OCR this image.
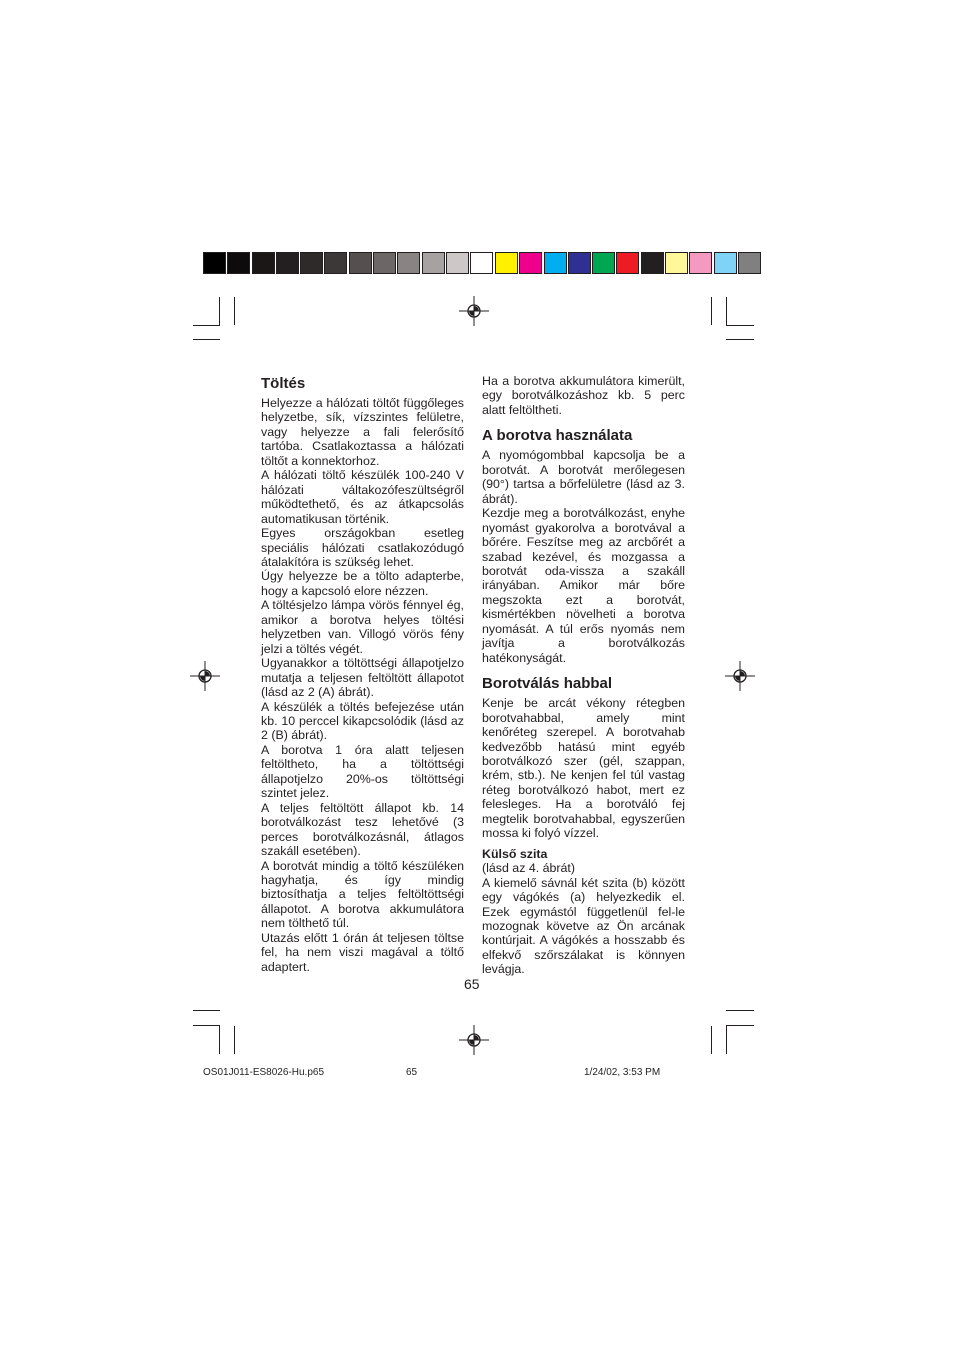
Töltés

Helyezze a hálózati töltőt függőleges helyzetbe, sík, vízszintes felületre, vagy helyezze a fali felerősítő tartóba. Csatlakoztassa a hálózati töltőt a konnektorhoz.

A hálózati töltő készülék 100-240 V hálózati váltakozófeszültségről működtethető, és az átkapcsolás automatikusan történik.

Egyes országokban esetleg speciális hálózati csatlakozódugó átalakítóra is szükség lehet.

Úgy helyezze be a tölto adapterbe, hogy a kapcsoló elore nézzen.

A töltésjelzo lámpa vörös fénnyel ég, amikor a borotva helyes töltési helyzetben van. Villogó vörös fény jelzi a töltés végét.

Ugyanakkor a töltöttségi állapotjelzo mutatja a teljesen feltöltött állapotot (lásd az 2 (A) ábrát).

A készülék a töltés befejezése után kb. 10 perccel kikapcsolódik (lásd az 2 (B) ábrát).

A borotva 1 óra alatt teljesen feltöltheto, ha a töltöttségi állapotjelzo 20%-os töltöttségi szintet jelez.

A teljes feltöltött állapot kb. 14 borotválkozást tesz lehetővé (3 perces borotválkozásnál, átlagos szakáll esetében).

A borotvát mindig a töltő készüléken hagyhatja, és így mindig biztosíthatja a teljes feltöltöttségi állapotot. A borotva akkumulátora nem tölthető túl.

Utazás előtt 1 órán át teljesen töltse fel, ha nem viszi magával a töltő adaptert.

Ha a borotva akkumulátora kimerült, egy borotválkozáshoz kb. 5 perc alatt feltöltheti.

A borotva használata

A nyomógombbal kapcsolja be a borotvát. A borotvát merőlegesen (90°) tartsa a bőrfelületre (lásd az 3. ábrát).

Kezdje meg a borotválkozást, enyhe nyomást gyakorolva a borotvával a bőrére. Feszítse meg az arcbőrét a szabad kezével, és mozgassa a borotvát oda-vissza a szakáll irányában. Amikor már bőre megszokta ezt a borotvát, kismértékben növelheti a borotva nyomását. A túl erős nyomás nem javítja a borotválkozás hatékonyságát.

Borotválás habbal

Kenje be arcát vékony rétegben borotvahabbal, amely mint kenőréteg szerepel. A borotvahab kedvezőbb hatású mint egyéb borotválkozó szer (gél, szappan, krém, stb.). Ne kenjen fel túl vastag réteg borotválkozó habot, mert ez felesleges. Ha a borotváló fej megtelik borotvahabbal, egyszerűen mossa ki folyó vízzel.

Külső szita

(lásd az 4. ábrát)

A kiemelő sávnál két szita (b) között egy vágókés (a) helyezkedik el. Ezek egymástól függetlenül fel-le mozognak követve az Ön arcának kontúrjait. A vágókés a hosszabb és elfekvő szőrszálakat is könnyen levágja.

65
OS01J011-ES8026-Hu.p65	65	1/24/02, 3:53 PM
